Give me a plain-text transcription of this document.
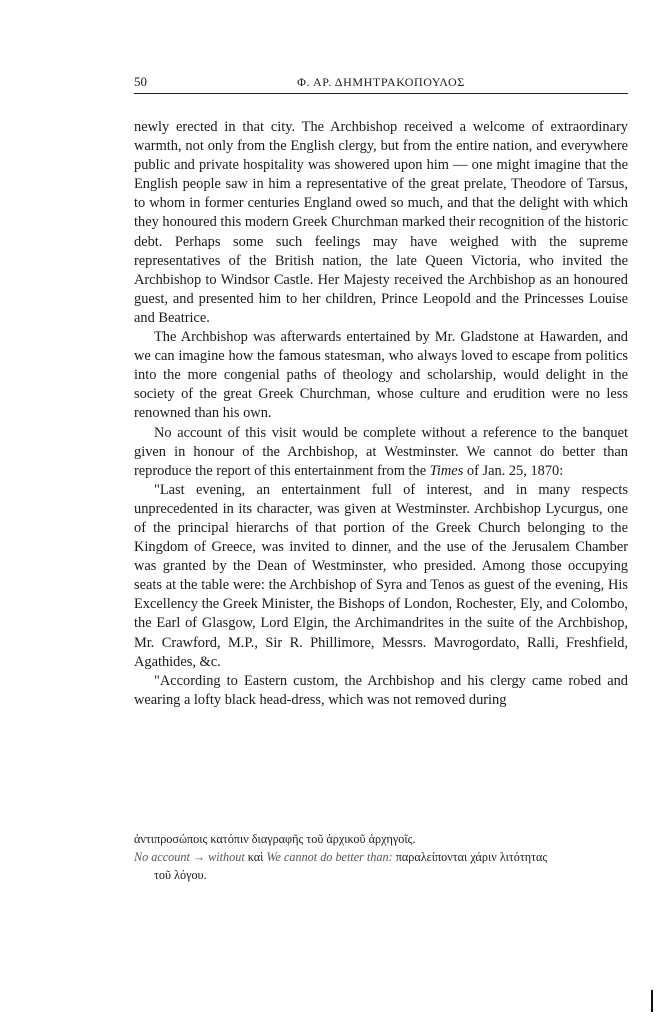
50	Φ. ΑΡ. ΔΗΜΗΤΡΑΚΟΠΟΥΛΟΣ

newly erected in that city. The Archbishop received a welcome of extraordinary warmth, not only from the English clergy, but from the entire nation, and everywhere public and private hospitality was showered upon him — one might imagine that the English people saw in him a representative of the great prelate, Theodore of Tarsus, to whom in former centuries England owed so much, and that the delight with which they honoured this modern Greek Churchman marked their recognition of the historic debt. Perhaps some such feelings may have weighed with the supreme representatives of the British nation, the late Queen Victoria, who invited the Archbishop to Windsor Castle. Her Majesty received the Archbishop as an honoured guest, and presented him to her children, Prince Leopold and the Princesses Louise and Beatrice.

The Archbishop was afterwards entertained by Mr. Gladstone at Hawarden, and we can imagine how the famous statesman, who always loved to escape from politics into the more congenial paths of theology and scholarship, would delight in the society of the great Greek Churchman, whose culture and erudition were no less renowned than his own.

No account of this visit would be complete without a reference to the banquet given in honour of the Archbishop, at Westminster. We cannot do better than reproduce the report of this entertainment from the Times of Jan. 25, 1870:

"Last evening, an entertainment full of interest, and in many respects unprecedented in its character, was given at Westminster. Archbishop Lycurgus, one of the principal hierarchs of that portion of the Greek Church belonging to the Kingdom of Greece, was invited to dinner, and the use of the Jerusalem Chamber was granted by the Dean of Westminster, who presided. Among those occupying seats at the table were: the Archbishop of Syra and Tenos as guest of the evening, His Excellency the Greek Minister, the Bishops of London, Rochester, Ely, and Colombo, the Earl of Glasgow, Lord Elgin, the Archimandrites in the suite of the Archbishop, Mr. Crawford, M.P., Sir R. Phillimore, Messrs. Mavrogordato, Ralli, Freshfield, Agathides, &c.

"According to Eastern custom, the Archbishop and his clergy came robed and wearing a lofty black head-dress, which was not removed during

ἀντιπροσώποις κατόπιν διαγραφῆς τοῦ ἀρχικοῦ ἀρχηγοῖς.

No account → without καὶ We cannot do better than: παραλείπονται χάριν λιτότητας

τοῦ λόγου.
